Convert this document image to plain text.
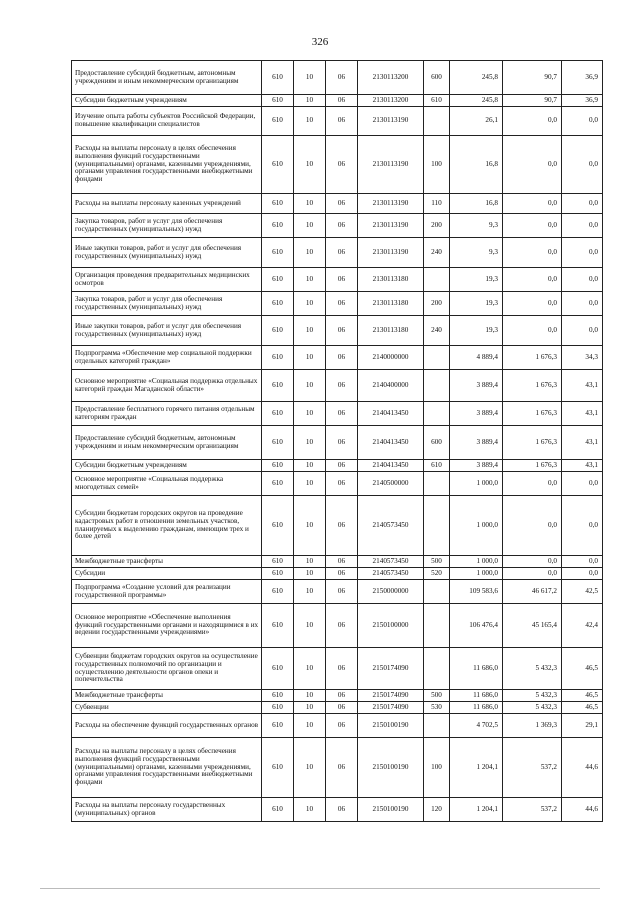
326
Предоставление субсидий бюджетным, автономным учреждениям и иным некоммерческим организациям	610	10	06	2130113200	600	245,8	90,7	36,9
Субсидии бюджетным учреждениям	610	10	06	2130113200	610	245,8	90,7	36,9
Изучение опыта работы субъектов Российской Федерации, повышение квалификации специалистов	610	10	06	2130113190		26,1	0,0	0,0
Расходы на выплаты персоналу в целях обеспечения выполнения функций государственными (муниципальными) органами, казенными учреждениями, органами управления государственными внебюджетными фондами	610	10	06	2130113190	100	16,8	0,0	0,0
Расходы на выплаты персоналу казенных учреждений	610	10	06	2130113190	110	16,8	0,0	0,0
Закупка товаров, работ и услуг для обеспечения государственных (муниципальных) нужд	610	10	06	2130113190	200	9,3	0,0	0,0
Иные закупки товаров, работ и услуг для обеспечения государственных (муниципальных) нужд	610	10	06	2130113190	240	9,3	0,0	0,0
Организация проведения предварительных медицинских осмотров	610	10	06	2130113180		19,3	0,0	0,0
Закупка товаров, работ и услуг для обеспечения государственных (муниципальных) нужд	610	10	06	2130113180	200	19,3	0,0	0,0
Иные закупки товаров, работ и услуг для обеспечения государственных (муниципальных) нужд	610	10	06	2130113180	240	19,3	0,0	0,0
Подпрограмма «Обеспечение мер социальной поддержки отдельных категорий граждан»	610	10	06	2140000000		4 889,4	1 676,3	34,3
Основное мероприятие «Социальная поддержка отдельных категорий граждан Магаданской области»	610	10	06	2140400000		3 889,4	1 676,3	43,1
Предоставление бесплатного горячего питания отдельным категориям граждан	610	10	06	2140413450		3 889,4	1 676,3	43,1
Предоставление субсидий бюджетным, автономным учреждениям и иным некоммерческим организациям	610	10	06	2140413450	600	3 889,4	1 676,3	43,1
Субсидии бюджетным учреждениям	610	10	06	2140413450	610	3 889,4	1 676,3	43,1
Основное мероприятие «Социальная поддержка многодетных семей»	610	10	06	2140500000		1 000,0	0,0	0,0
Субсидии бюджетам городских округов на проведение кадастровых работ в отношении земельных участков, планируемых к выделению гражданам, имеющим трех и более детей	610	10	06	2140573450		1 000,0	0,0	0,0
Межбюджетные трансферты	610	10	06	2140573450	500	1 000,0	0,0	0,0
Субсидии	610	10	06	2140573450	520	1 000,0	0,0	0,0
Подпрограмма «Создание условий для реализации государственной программы»	610	10	06	2150000000		109 583,6	46 617,2	42,5
Основное мероприятие «Обеспечение выполнения функций государственными органами и находящимися в их ведении государственными учреждениями»	610	10	06	2150100000		106 476,4	45 165,4	42,4
Субвенции бюджетам городских округов на осуществление государственных полномочий по организации и осуществлению деятельности органов опеки и попечительства	610	10	06	2150174090		11 686,0	5 432,3	46,5
Межбюджетные трансферты	610	10	06	2150174090	500	11 686,0	5 432,3	46,5
Субвенции	610	10	06	2150174090	530	11 686,0	5 432,3	46,5
Расходы на обеспечение функций государственных органов	610	10	06	2150100190		4 702,5	1 369,3	29,1
Расходы на выплаты персоналу в целях обеспечения выполнения функций государственными (муниципальными) органами, казенными учреждениями, органами управления государственными внебюджетными фондами	610	10	06	2150100190	100	1 204,1	537,2	44,6
Расходы на выплаты персоналу государственных (муниципальных) органов	610	10	06	2150100190	120	1 204,1	537,2	44,6
